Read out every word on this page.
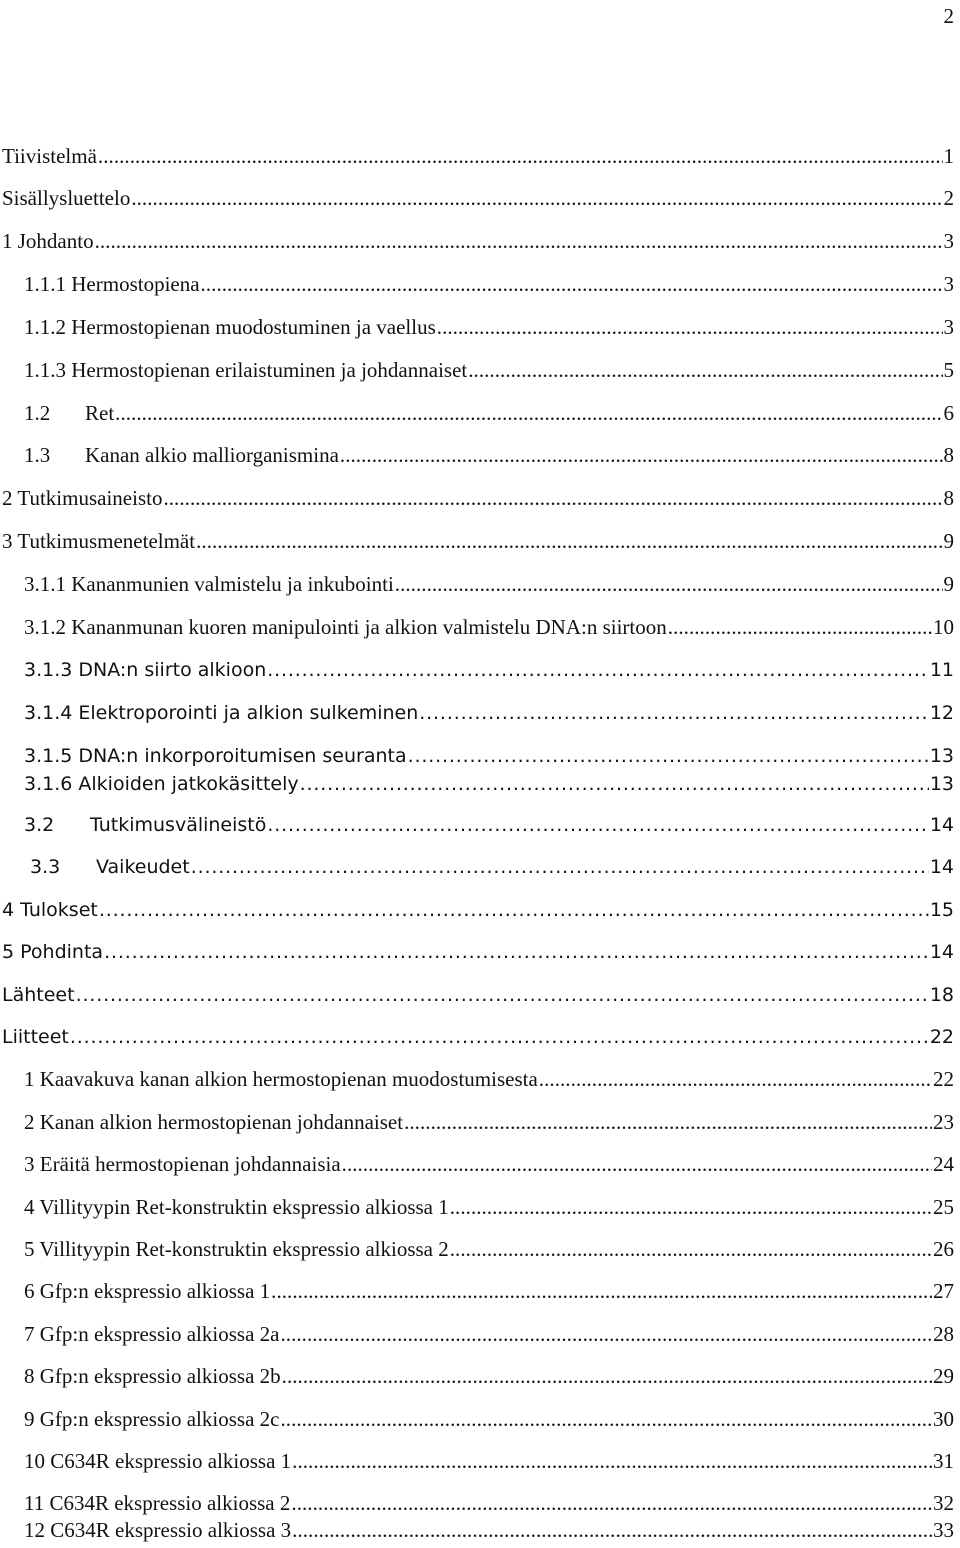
2
Tiivistelmä . . .	1
Sisällysluettelo . . .	2
1 Johdanto . . .	3
1.1.1 Hermostopiena . . .	3
1.1.2 Hermostopienan muodostuminen ja vaellus . . .	3
1.1.3 Hermostopienan erilaistuminen ja johdannaiset . . .	5
1.2 Ret . . .	6
1.3 Kanan alkio malliorganismina . . .	8
2 Tutkimusaineisto . . .	8
3 Tutkimusmenetelmät . . .	9
3.1.1 Kananmunien valmistelu ja inkubointi . . .	9
3.1.2 Kananmunan kuoren manipulointi ja alkion valmistelu DNA:n siirtoon . . .	10
3.1.3 DNA:n siirto alkioon . . .	11
3.1.4 Elektroporointi ja alkion sulkeminen . . .	12
3.1.5 DNA:n inkorporoitumisen seuranta . . .	13
3.1.6 Alkioiden jatkokäsittely . . .	13
3.2 Tutkimusvälineistö . . .	14
3.3 Vaikeudet . . .	14
4 Tulokset . . .	15
5 Pohdinta . . .	14
Lähteet . . .	18
Liitteet . . .	22
1 Kaavakuva kanan alkion hermostopienan muodostumisesta . . .	22
2 Kanan alkion hermostopienan johdannaiset . . .	23
3 Eräitä hermostopienan johdannaisia . . .	24
4 Villityypin Ret-konstruktin ekspressio alkiossa 1 . . .	25
5 Villityypin Ret-konstruktin ekspressio alkiossa 2 . . .	26
6 Gfp:n ekspressio alkiossa 1 . . .	27
7 Gfp:n ekspressio alkiossa 2a . . .	28
8 Gfp:n ekspressio alkiossa 2b . . .	29
9 Gfp:n ekspressio alkiossa 2c . . .	30
10 C634R ekspressio alkiossa 1 . . .	31
11 C634R ekspressio alkiossa 2 . . .	32
12 C634R ekspressio alkiossa 3 . . .	33
